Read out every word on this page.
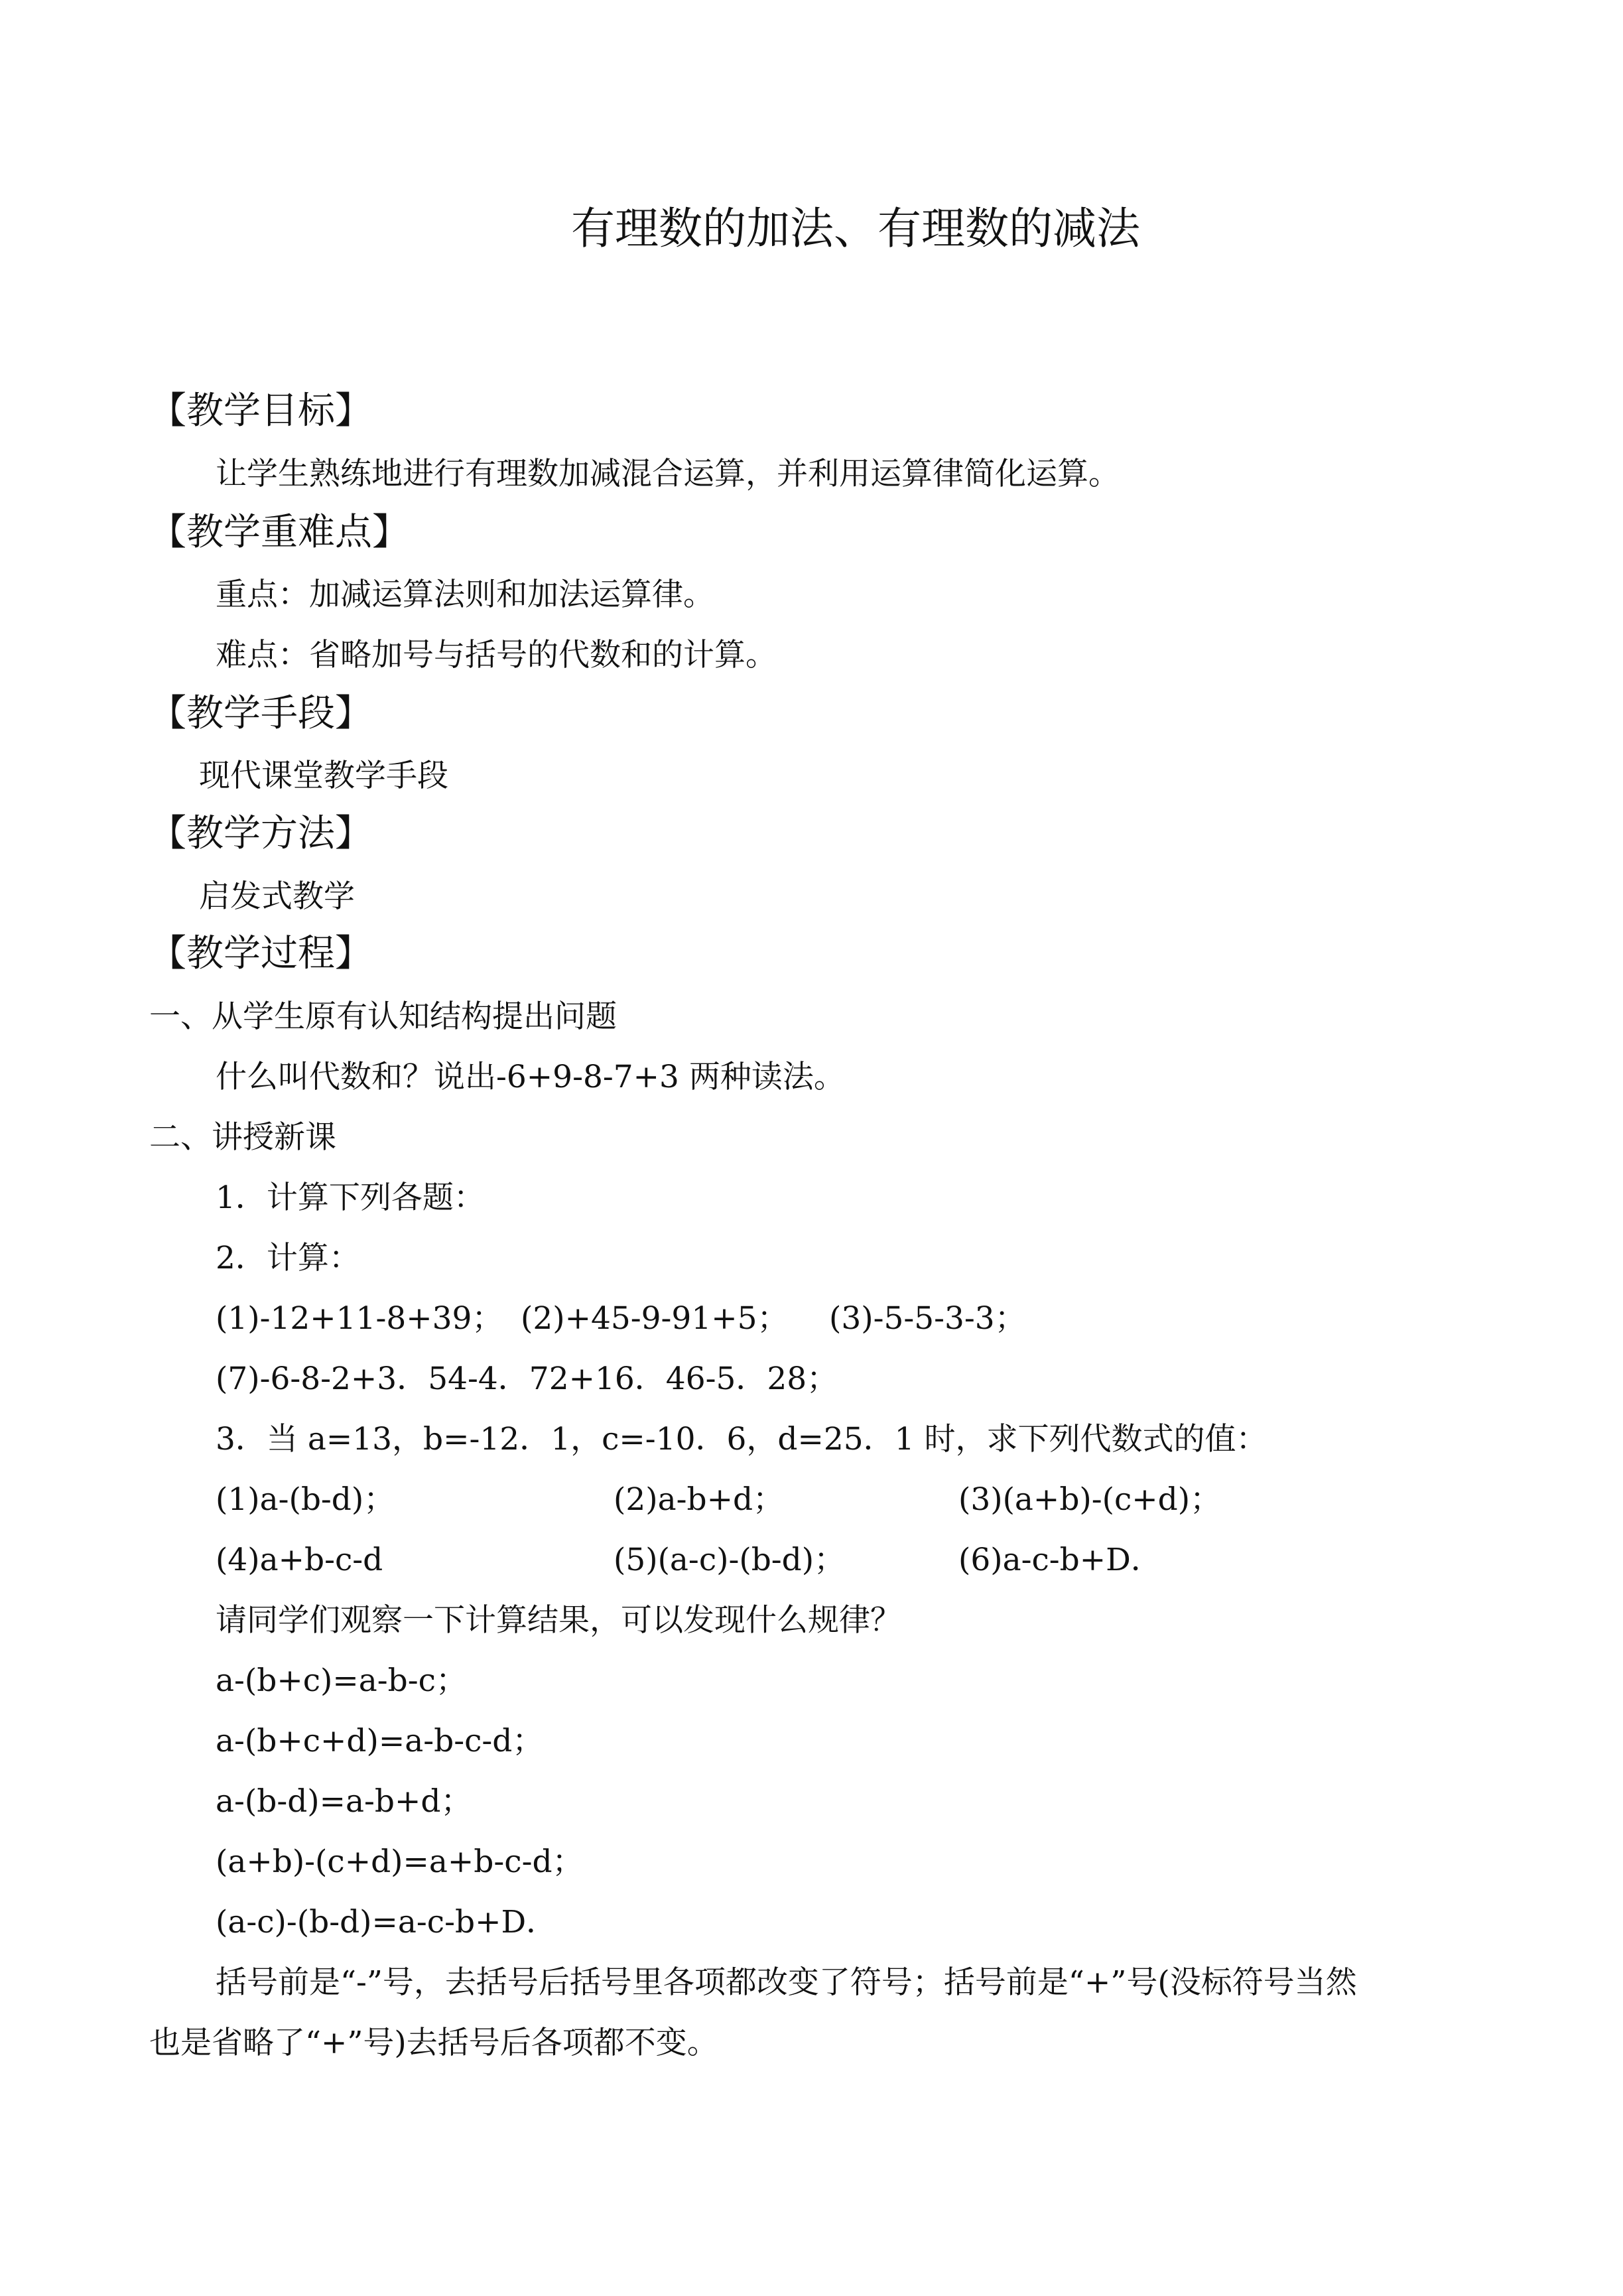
有理数的加法、有理数的减法
【教学目标】
让学生熟练地进行有理数加减混合运算，并利用运算律简化运算。
【教学重难点】
重点：加减运算法则和加法运算律。
难点：省略加号与括号的代数和的计算。
【教学手段】
现代课堂教学手段
【教学方法】
启发式教学
【教学过程】
一、从学生原有认知结构提出问题
什么叫代数和？说出-6+9-8-7+3 两种读法。
二、讲授新课
1．计算下列各题：
2．计算：
(1)-12+11-8+39； (2)+45-9-91+5； (3)-5-5-3-3；
(7)-6-8-2+3．54-4．72+16．46-5．28；
3．当 a=13，b=-12．1，c=-10．6，d=25．1 时，求下列代数式的值：
(1)a-(b-d)；	(2)a-b+d；	(3)(a+b)-(c+d)；
(4)a+b-c-d	(5)(a-c)-(b-d)；	(6)a-c-b+D．
请同学们观察一下计算结果，可以发现什么规律？
a-(b+c)=a-b-c；
a-(b+c+d)=a-b-c-d；
a-(b-d)=a-b+d；
(a+b)-(c+d)=a+b-c-d；
(a-c)-(b-d)=a-c-b+D．
括号前是“-”号，去括号后括号里各项都改变了符号；括号前是“+”号(没标符号当然
也是省略了“+”号)去括号后各项都不变。
